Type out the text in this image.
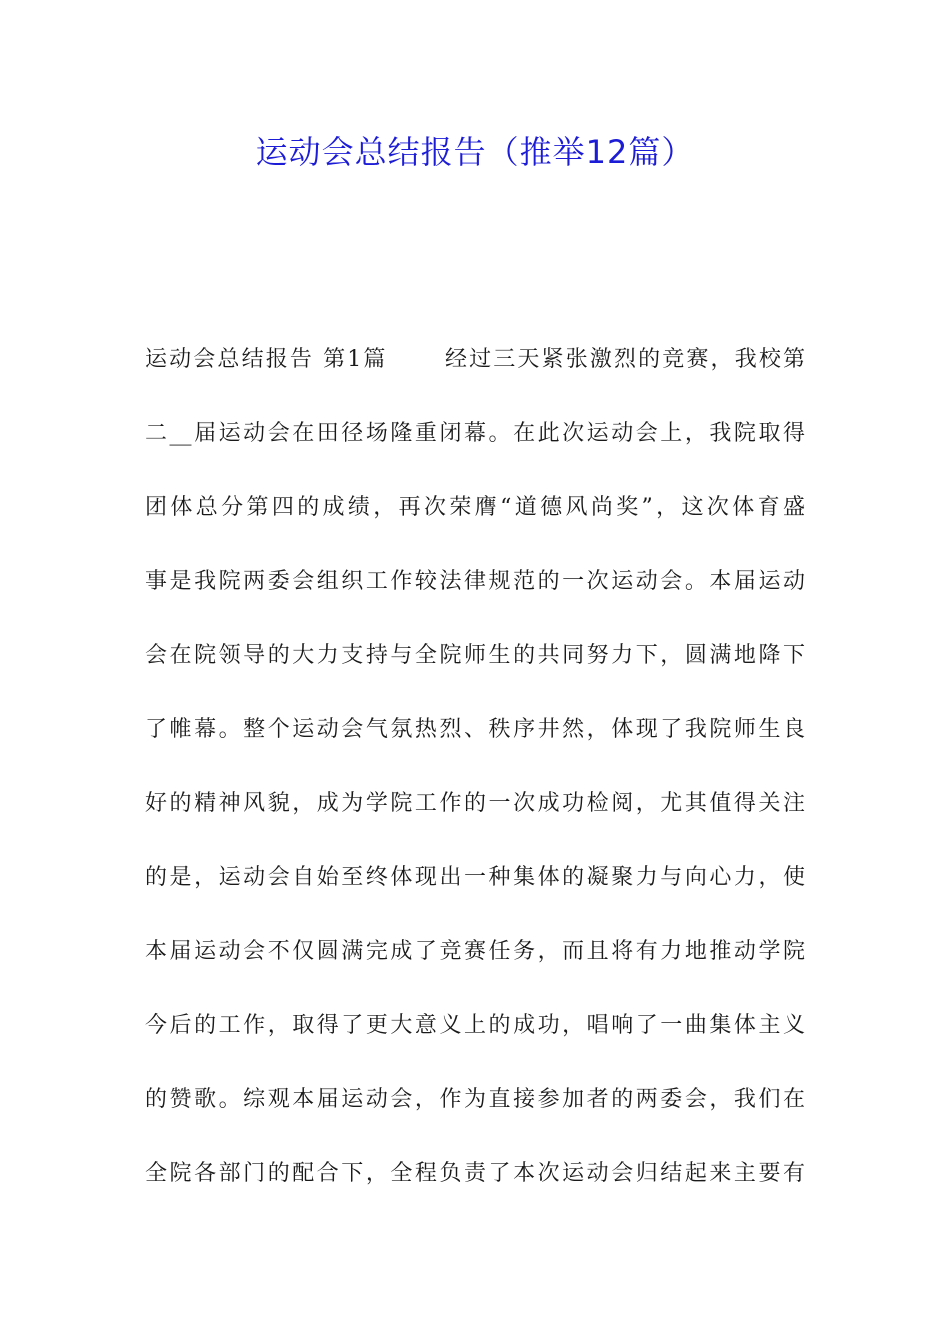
运动会总结报告（推举12篇）
运动会总结报告 第1篇　　 经过三天紧张激烈的竞赛，我校第
二__届运动会在田径场隆重闭幕。在此次运动会上，我院取得
团体总分第四的成绩，再次荣膺“道德风尚奖”，这次体育盛
事是我院两委会组织工作较法律规范的一次运动会。本届运动
会在院领导的大力支持与全院师生的共同努力下，圆满地降下
了帷幕。整个运动会气氛热烈、秩序井然，体现了我院师生良
好的精神风貌，成为学院工作的一次成功检阅，尤其值得关注
的是，运动会自始至终体现出一种集体的凝聚力与向心力，使
本届运动会不仅圆满完成了竞赛任务，而且将有力地推动学院
今后的工作，取得了更大意义上的成功，唱响了一曲集体主义
的赞歌。综观本届运动会，作为直接参加者的两委会，我们在
全院各部门的配合下，全程负责了本次运动会归结起来主要有
